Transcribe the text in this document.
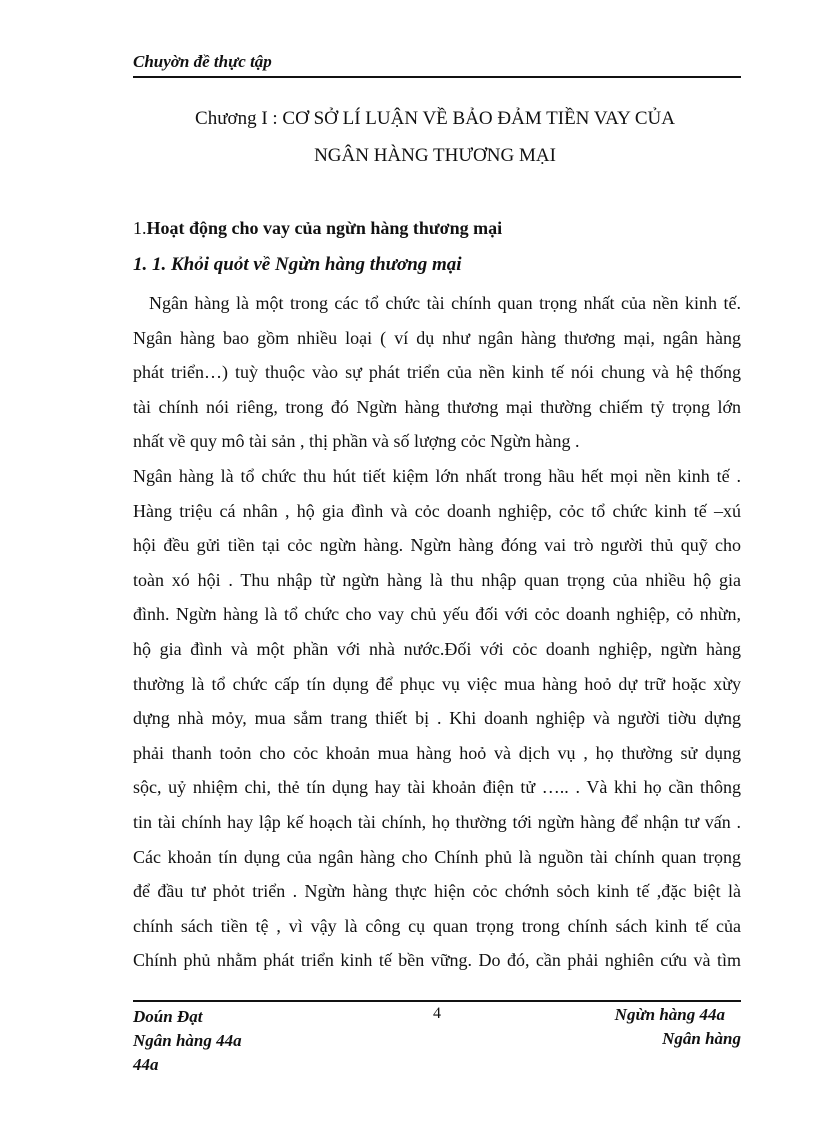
Chuyờn đề thực tập

Chương I : CƠ SỞ LÍ LUẬN VỀ BẢO ĐẢM TIỀN VAY CỦA
NGÂN HÀNG THƯƠNG MẠI

1.Hoạt động cho vay của ngừn hàng thương mại

1. 1. Khỏi quỏt về Ngừn hàng thương mại

Ngân hàng là một trong các tổ chức tài chính quan trọng nhất của nền kinh tế.
Ngân hàng bao gồm nhiều loại ( ví dụ như ngân hàng thương mại, ngân hàng
phát triển…) tuỳ thuộc vào sự phát triển của nền kinh tế nói chung và hệ thống
tài chính nói riêng, trong đó Ngừn hàng thương mại thường chiếm tỷ trọng lớn
nhất về quy mô tài sản , thị phần và số lượng cỏc Ngừn hàng .
Ngân hàng là tổ chức thu hút tiết kiệm lớn nhất trong hầu hết mọi nền kinh tế .
Hàng triệu cá nhân , hộ gia đình và cỏc doanh nghiệp, cỏc tổ chức kinh tế –xú
hội đều gửi tiền tại cỏc ngừn hàng. Ngừn hàng đóng vai trò người thủ quỹ cho
toàn xó hội . Thu nhập từ ngừn hàng là thu nhập quan trọng của nhiều hộ gia
đình. Ngừn hàng là tổ chức cho vay chủ yếu đối với cỏc doanh nghiệp, cỏ nhừn,
hộ gia đình và một phần với nhà nước.Đối với cỏc doanh nghiệp, ngừn hàng
thường là tổ chức cấp tín dụng để phục vụ việc mua hàng hoỏ dự trữ hoặc xừy
dựng nhà mỏy, mua sắm trang thiết bị . Khi doanh nghiệp và người tiờu dựng
phải thanh toỏn cho cỏc khoản mua hàng hoỏ và dịch vụ , họ thường sử dụng
sộc, uỷ nhiệm chi, thẻ tín dụng hay tài khoản điện tử ….. . Và khi họ cần thông
tin tài chính hay lập kế hoạch tài chính, họ thường tới ngừn hàng để nhận tư vấn .
Các khoản tín dụng của ngân hàng cho Chính phủ là nguồn tài chính quan trọng
để đầu tư phỏt triển . Ngừn hàng thực hiện cỏc chớnh sỏch kinh tế ,đặc biệt là
chính sách tiền tệ , vì vậy là công cụ quan trọng trong chính sách kinh tế của
Chính phủ nhằm phát triển kinh tế bền vững. Do đó, cần phải nghiên cứu và tìm
Doún Đạt
Ngân hàng 44a
44a
4	Ngừn hàng 44a
Ngân hàng
